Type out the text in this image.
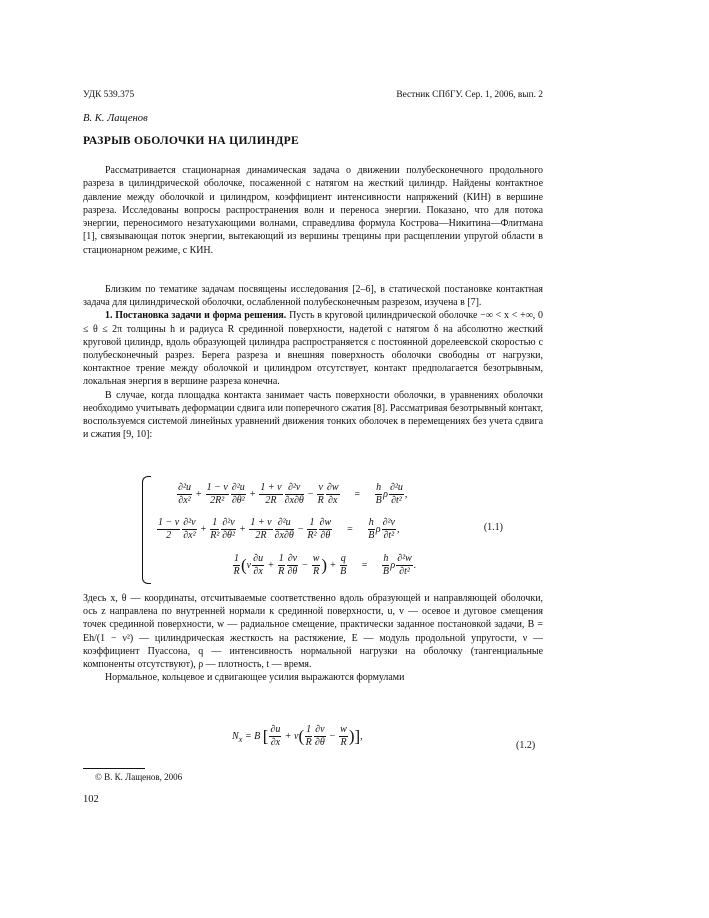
УДК 539.375	Вестник СПбГУ. Сер. 1, 2006, вып. 2
В. К. Лащенов
РАЗРЫВ ОБОЛОЧКИ НА ЦИЛИНДРЕ

Рассматривается стационарная динамическая задача о движении полубесконечного продольного разреза в цилиндрической оболочке, посаженной с натягом на жесткий цилиндр. Найдены контактное давление между оболочкой и цилиндром, коэффициент интенсивности напряжений (КИН) в вершине разреза. Исследованы вопросы распространения волн и переноса энергии. Показано, что для потока энергии, переносимого незатухающими волнами, справедлива формула Кострова—Никитина—Флитмана [1], связывающая поток энергии, вытекающий из вершины трещины при расщеплении упругой области в стационарном режиме, с КИН.

Близким по тематике задачам посвящены исследования [2–6], в статической постановке контактная задача для цилиндрической оболочки, ослабленной полубесконечным разрезом, изучена в [7].

1. Постановка задачи и форма решения. Пусть в круговой цилиндрической оболочке −∞ < x < +∞, 0 ≤ θ ≤ 2π толщины h и радиуса R срединной поверхности, надетой с натягом δ на абсолютно жесткий круговой цилиндр, вдоль образующей цилиндра распространяется с постоянной дорелеевской скоростью c полубесконечный разрез. Берега разреза и внешняя поверхность оболочки свободны от нагрузки, контактное трение между оболочкой и цилиндром отсутствует, контакт предполагается безотрывным, локальная энергия в вершине разреза конечна.

В случае, когда площадка контакта занимает часть поверхности оболочки, в уравнениях оболочки необходимо учитывать деформации сдвига или поперечного сжатия [8]. Рассматривая безотрывный контакт, воспользуемся системой линейных уравнений движения тонких оболочек в перемещениях без учета сдвига и сжатия [9, 10]:

$\frac{\text{∂²u}}{\text{∂x²}} + \frac{1 - \nu}{\text{2R²}} \frac{\text{∂²u}}{\text{∂θ²}} + \frac{1 + \nu}{2R} \frac{\text{∂²v}}{\partial x\partial\theta} - \frac{\nu}{R} \frac{\partial w}{\partial x} = \frac{h}{B}$ ρ $\frac{\text{∂²u}}{\text{∂t²}}$ ,
$\frac{1 - \nu}{2} \frac{\text{∂²v}}{\text{∂x²}} + \frac{1}{\text{R²}} \frac{\text{∂²v}}{\text{∂θ²}} + \frac{1 + \nu}{2R} \frac{\text{∂²u}}{\partial x\partial\theta} - \frac{1}{\text{R²}} \frac{\partial w}{\partial\theta} = \frac{h}{B}$ ρ $\frac{\text{∂²v}}{\text{∂t²}}$ ,
$\frac{1}{R} (\nu \frac{\partial u}{\partial x} + \frac{1}{R} \frac{\partial v}{\partial\theta} - \frac{w}{R}$ ) + $\frac{q}{B} = \frac{h}{B}$ ρ $\frac{\text{∂²w}}{\text{∂t²}}$ .
(1.1)

Здесь x, θ — координаты, отсчитываемые соответственно вдоль образующей и направляющей оболочки, ось z направлена по внутренней нормали к срединной поверхности, u, v — осевое и дуговое смещения точек срединной поверхности, w — радиальное смещение, практически заданное постановкой задачи, B = Eh/(1 − ν²) — цилиндрическая жесткость на растяжение, E — модуль продольной упругости, ν — коэффициент Пуассона, q — интенсивность нормальной нагрузки на оболочку (тангенциальные компоненты отсутствуют), ρ — плотность, t — время.

Нормальное, кольцевое и сдвигающее усилия выражаются формулами

$N_x = B$ [ $\frac{\partial u}{\partial x} + \nu( \frac{1}{R} \frac{\partial v}{\partial\theta} - \frac{w}{R}$ )],
(1.2)
© В. К. Лащенов, 2006
102
